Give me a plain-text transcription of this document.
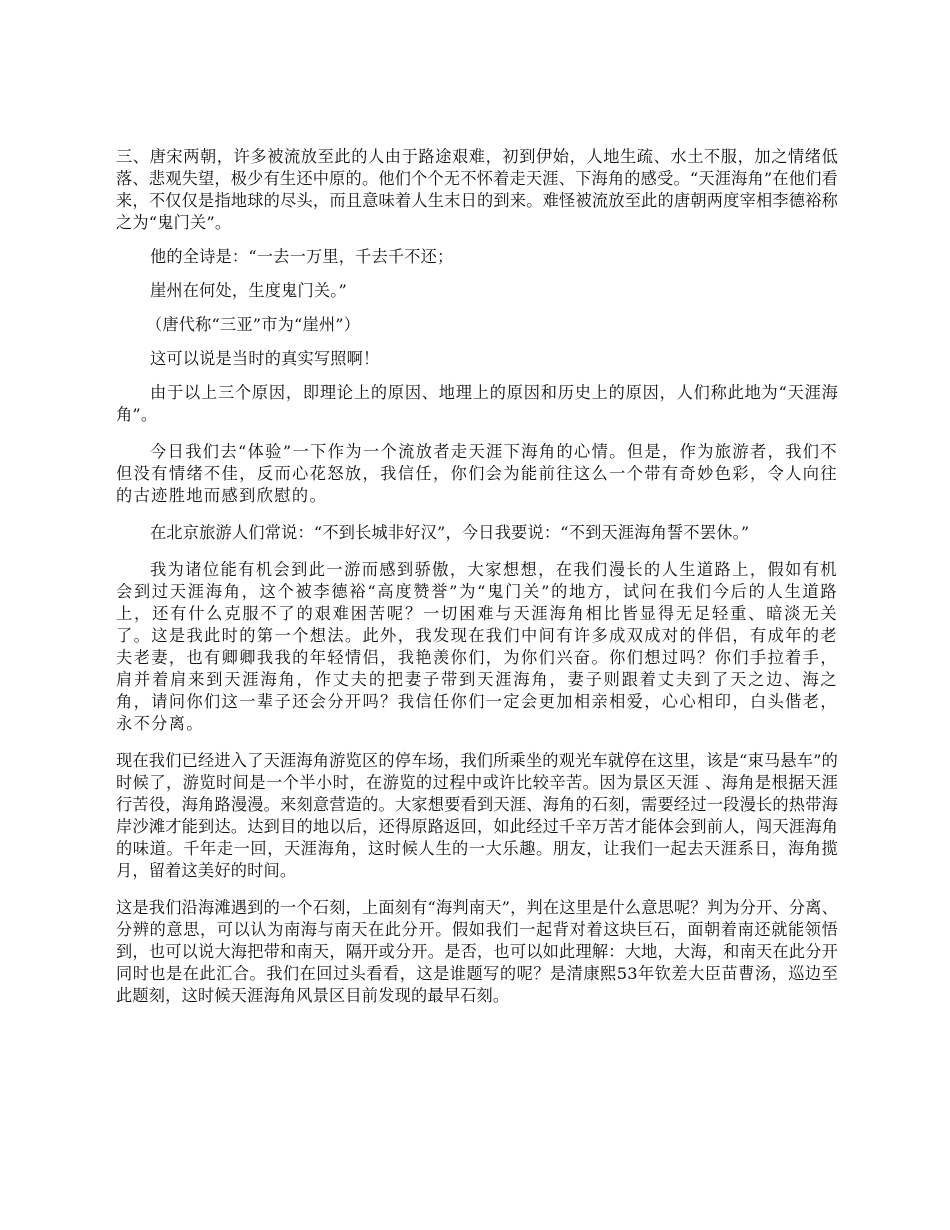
三、唐宋两朝，许多被流放至此的人由于路途艰难，初到伊始，人地生疏、水土不服，加之情绪低落、悲观失望，极少有生还中原的。他们个个无不怀着走天涯、下海角的感受。“天涯海角”在他们看来，不仅仅是指地球的尽头，而且意味着人生末日的到来。难怪被流放至此的唐朝两度宰相李德裕称之为“鬼门关”。

他的全诗是：“一去一万里，千去千不还；

崖州在何处，生度鬼门关。”

（唐代称“三亚”市为“崖州”）

这可以说是当时的真实写照啊！

由于以上三个原因，即理论上的原因、地理上的原因和历史上的原因，人们称此地为“天涯海角”。

今日我们去“体验”一下作为一个流放者走天涯下海角的心情。但是，作为旅游者，我们不但没有情绪不佳，反而心花怒放，我信任，你们会为能前往这么一个带有奇妙色彩，令人向往的古迹胜地而感到欣慰的。

在北京旅游人们常说：“不到长城非好汉”，今日我要说：“不到天涯海角誓不罢休。”

我为诸位能有机会到此一游而感到骄傲，大家想想，在我们漫长的人生道路上，假如有机会到过天涯海角，这个被李德裕“高度赞誉”为“鬼门关”的地方，试问在我们今后的人生道路上，还有什么克服不了的艰难困苦呢？一切困难与天涯海角相比皆显得无足轻重、暗淡无关了。这是我此时的第一个想法。此外，我发现在我们中间有许多成双成对的伴侣，有成年的老夫老妻，也有卿卿我我的年轻情侣，我艳羡你们，为你们兴奋。你们想过吗？你们手拉着手，肩并着肩来到天涯海角，作丈夫的把妻子带到天涯海角，妻子则跟着丈夫到了天之边、海之角，请问你们这一辈子还会分开吗？我信任你们一定会更加相亲相爱，心心相印，白头偕老，永不分离。

现在我们已经进入了天涯海角游览区的停车场，我们所乘坐的观光车就停在这里，该是“束马悬车”的时候了，游览时间是一个半小时，在游览的过程中或许比较辛苦。因为景区天涯 、海角是根据天涯行苦役，海角路漫漫。来刻意营造的。大家想要看到天涯、海角的石刻，需要经过一段漫长的热带海岸沙滩才能到达。达到目的地以后，还得原路返回，如此经过千辛万苦才能体会到前人，闯天涯海角的味道。千年走一回，天涯海角，这时候人生的一大乐趣。朋友，让我们一起去天涯系日，海角揽月，留着这美好的时间。

这是我们沿海滩遇到的一个石刻，上面刻有“海判南天”，判在这里是什么意思呢？判为分开、分离、分辨的意思，可以认为南海与南天在此分开。假如我们一起背对着这块巨石，面朝着南还就能领悟到，也可以说大海把带和南天，隔开或分开。是否，也可以如此理解：大地，大海，和南天在此分开同时也是在此汇合。我们在回过头看看，这是谁题写的呢？是清康熙53年钦差大臣苗曹汤，巡边至此题刻，这时候天涯海角风景区目前发现的最早石刻。
